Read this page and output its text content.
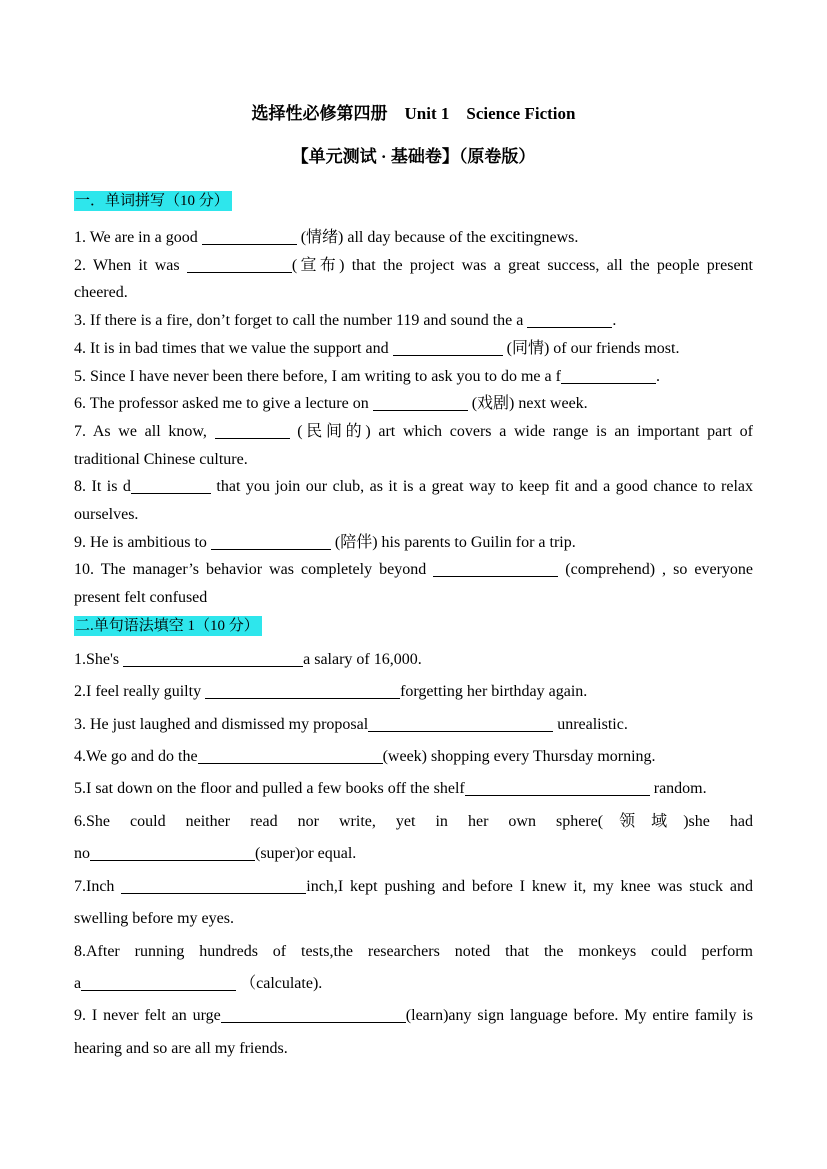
选择性必修第四册　Unit 1　Science Fiction
【单元测试 · 基础卷】（原卷版）
一．单词拼写（10 分）
1. We are in a good	(情绪) all day because of the excitingnews.
2. When it was	(宣布) that the project was a great success, all the people present
cheered.
3. If there is a fire, don’t forget to call the number 119 and sound the a	.
4. It is in bad times that we value the support and	(同情) of our friends most.
5. Since I have never been there before, I am writing to ask you to do me a f	.
6. The professor asked me to give a lecture on	(戏剧) next week.
7. As we all know,	(民间的) art which covers a wide range is an important part of
traditional Chinese culture.
8. It is d	that you join our club, as it is a great way to keep fit and a good chance to relax
ourselves.
9. He is ambitious to	(陪伴) his parents to Guilin for a trip.
10. The manager’s behavior was completely beyond	(comprehend) , so everyone
present felt confused
二.单句语法填空 1（10 分）
1.She's	a salary of 16,000.
2.I feel really guilty	forgetting her birthday again.
3. He just laughed and dismissed my proposal	unrealistic.
4.We go and do the	(week) shopping every Thursday morning.
5.I sat down on the floor and pulled a few books off the shelf	random.
6.She could neither read nor write, yet in her own sphere(领域)she had
no	(super)or equal.
7.Inch	inch,I kept pushing and before I knew it, my knee was stuck and
swelling before my eyes.
8.After running hundreds of tests,the researchers noted that the monkeys could perform
a	（calculate).
9. I never felt an urge	(learn)any sign language before. My entire family is
hearing and so are all my friends.
